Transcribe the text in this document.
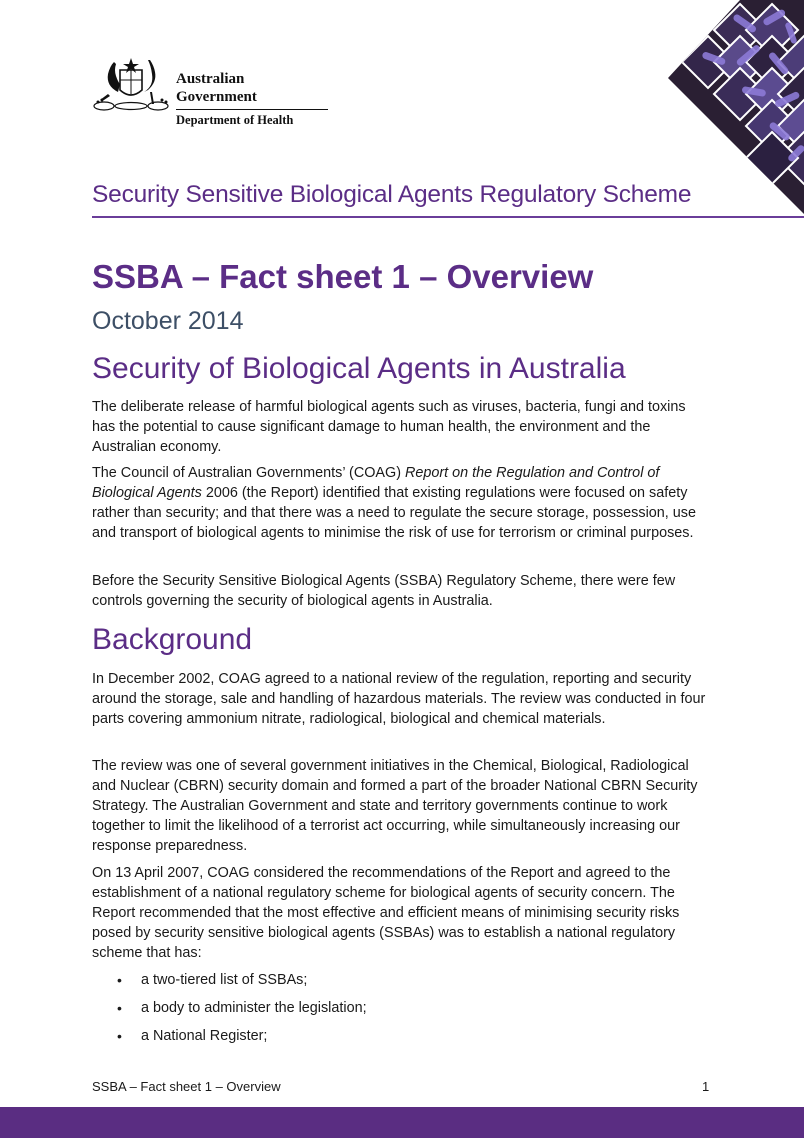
Australian Government
Department of Health
Security Sensitive Biological Agents Regulatory Scheme
SSBA – Fact sheet 1 – Overview
October 2014
Security of Biological Agents in Australia

The deliberate release of harmful biological agents such as viruses, bacteria, fungi and toxins has the potential to cause significant damage to human health, the environment and the Australian economy.

The Council of Australian Governments’ (COAG) Report on the Regulation and Control of Biological Agents 2006 (the Report) identified that existing regulations were focused on safety rather than security; and that there was a need to regulate the secure storage, possession, use and transport of biological agents to minimise the risk of use for terrorism or criminal purposes.

Before the Security Sensitive Biological Agents (SSBA) Regulatory Scheme, there were few controls governing the security of biological agents in Australia.

Background

In December 2002, COAG agreed to a national review of the regulation, reporting and security around the storage, sale and handling of hazardous materials. The review was conducted in four parts covering ammonium nitrate, radiological, biological and chemical materials.

The review was one of several government initiatives in the Chemical, Biological, Radiological and Nuclear (CBRN) security domain and formed a part of the broader National CBRN Security Strategy. The Australian Government and state and territory governments continue to work together to limit the likelihood of a terrorist act occurring, while simultaneously increasing our response preparedness.

On 13 April 2007, COAG considered the recommendations of the Report and agreed to the establishment of a national regulatory scheme for biological agents of security concern. The Report recommended that the most effective and efficient means of minimising security risks posed by security sensitive biological agents (SSBAs) was to establish a national regulatory scheme that has:

• a two-tiered list of SSBAs;
• a body to administer the legislation;
• a National Register;
SSBA – Fact sheet 1 – Overview	1
